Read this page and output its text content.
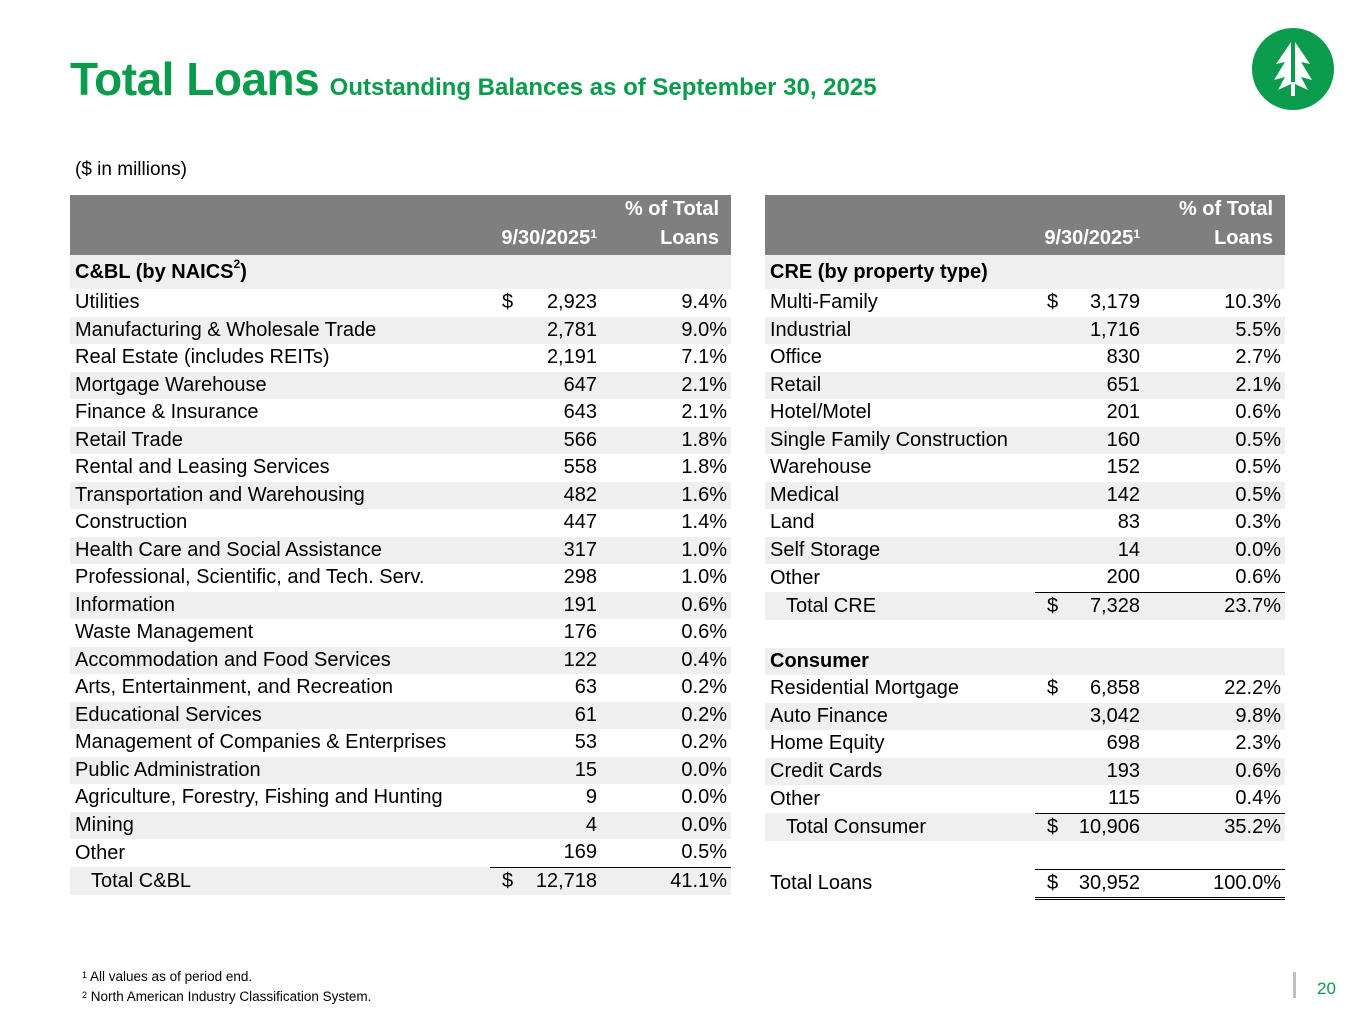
Total Loans Outstanding Balances as of September 30, 2025
($ in millions)
	9/30/2025$^1$	% of Total
Loans
C&BL (by NAICS$^2$)		
Utilities	$ 2,923	9.4%
Manufacturing & Wholesale Trade	2,781	9.0%
Real Estate (includes REITs)	2,191	7.1%
Mortgage Warehouse	647	2.1%
Finance & Insurance	643	2.1%
Retail Trade	566	1.8%
Rental and Leasing Services	558	1.8%
Transportation and Warehousing	482	1.6%
Construction	447	1.4%
Health Care and Social Assistance	317	1.0%
Professional, Scientific, and Tech. Serv.	298	1.0%
Information	191	0.6%
Waste Management	176	0.6%
Accommodation and Food Services	122	0.4%
Arts, Entertainment, and Recreation	63	0.2%
Educational Services	61	0.2%
Management of Companies & Enterprises	53	0.2%
Public Administration	15	0.0%
Agriculture, Forestry, Fishing and Hunting	9	0.0%
Mining	4	0.0%
Other	169	0.5%
Total C&BL	$ 12,718	41.1%
	9/30/2025$^1$	% of Total
Loans
CRE (by property type)		
Multi-Family	$ 3,179	10.3%
Industrial	1,716	5.5%
Office	830	2.7%
Retail	651	2.1%
Hotel/Motel	201	0.6%
Single Family Construction	160	0.5%
Warehouse	152	0.5%
Medical	142	0.5%
Land	83	0.3%
Self Storage	14	0.0%
Other	200	0.6%
Total CRE	$ 7,328	23.7%

Consumer		
Residential Mortgage	$ 6,858	22.2%
Auto Finance	3,042	9.8%
Home Equity	698	2.3%
Credit Cards	193	0.6%
Other	115	0.4%
Total Consumer	$ 10,906	35.2%

Total Loans	$ 30,952	100.0%
$^1$ All values as of period end.
$^2$ North American Industry Classification System.	20
